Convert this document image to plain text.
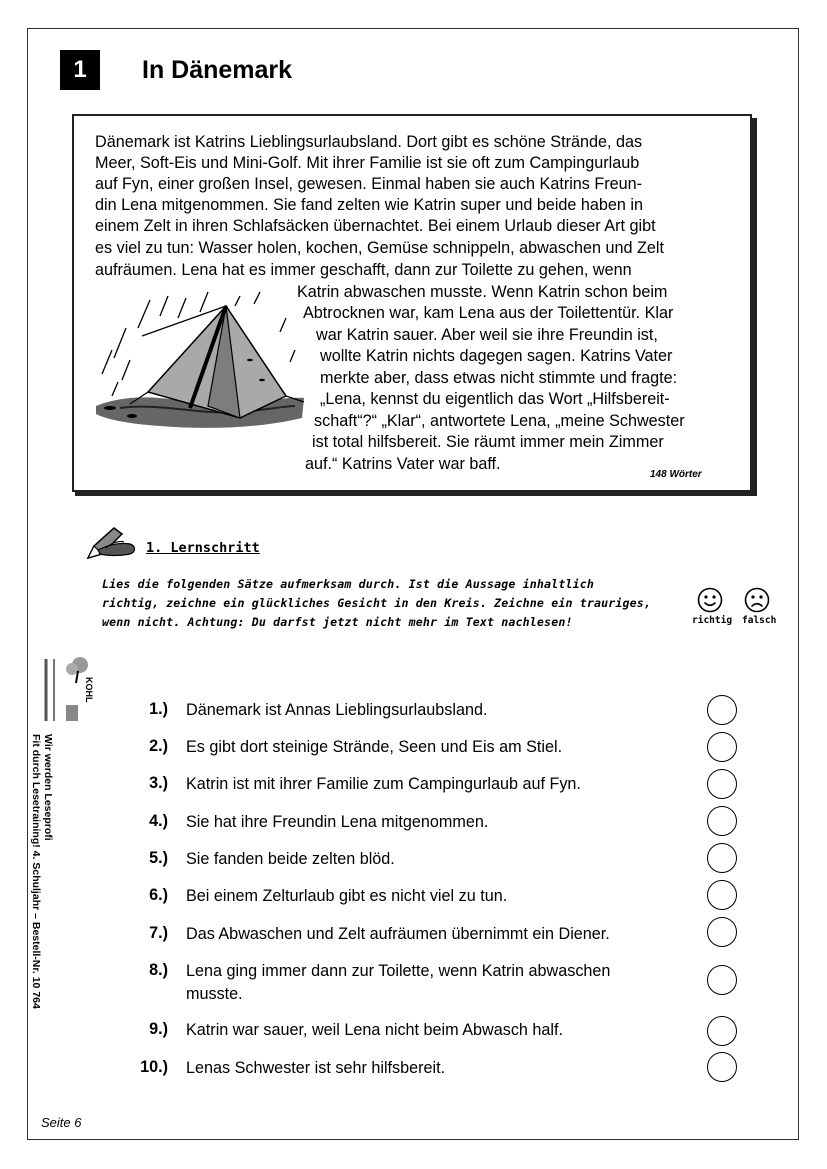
1	In Dänemark
Dänemark ist Katrins Lieblingsurlaubsland. Dort gibt es schöne Strände, das
Meer, Soft-Eis und Mini-Golf. Mit ihrer Familie ist sie oft zum Campingurlaub
auf Fyn, einer großen Insel, gewesen. Einmal haben sie auch Katrins Freun-
din Lena mitgenommen. Sie fand zelten wie Katrin super und beide haben in
einem Zelt in ihren Schlafsäcken übernachtet. Bei einem Urlaub dieser Art gibt
es viel zu tun: Wasser holen, kochen, Gemüse schnippeln, abwaschen und Zelt
aufräumen. Lena hat es immer geschafft, dann zur Toilette zu gehen, wenn
Katrin abwaschen musste. Wenn Katrin schon beim
Abtrocknen war, kam Lena aus der Toilettentür. Klar
war Katrin sauer. Aber weil sie ihre Freundin ist,
wollte Katrin nichts dagegen sagen. Katrins Vater
merkte aber, dass etwas nicht stimmte und fragte:
„Lena, kennst du eigentlich das Wort „Hilfsbereit-
schaft“?“ „Klar“, antwortete Lena, „meine Schwester
ist total hilfsbereit. Sie räumt immer mein Zimmer
auf.“ Katrins Vater war baff.
148 Wörter
1. Lernschritt
Lies die folgenden Sätze aufmerksam durch. Ist die Aussage inhaltlich
richtig, zeichne ein glückliches Gesicht in den Kreis. Zeichne ein trauriges,
wenn nicht. Achtung: Du darfst jetzt nicht mehr im Text nachlesen!	richtig falsch
KOHL
Wir werden Leseprofi
Fit durch Lesetraining! 4. Schuljahr – Bestell-Nr. 10 764
1.) Dänemark ist Annas Lieblingsurlaubsland.
2.) Es gibt dort steinige Strände, Seen und Eis am Stiel.
3.) Katrin ist mit ihrer Familie zum Campingurlaub auf Fyn.
4.) Sie hat ihre Freundin Lena mitgenommen.
5.) Sie fanden beide zelten blöd.
6.) Bei einem Zelturlaub gibt es nicht viel zu tun.
7.) Das Abwaschen und Zelt aufräumen übernimmt ein Diener.
8.) Lena ging immer dann zur Toilette, wenn Katrin abwaschen
musste.
9.) Katrin war sauer, weil Lena nicht beim Abwasch half.
10.) Lenas Schwester ist sehr hilfsbereit.
Seite 6
